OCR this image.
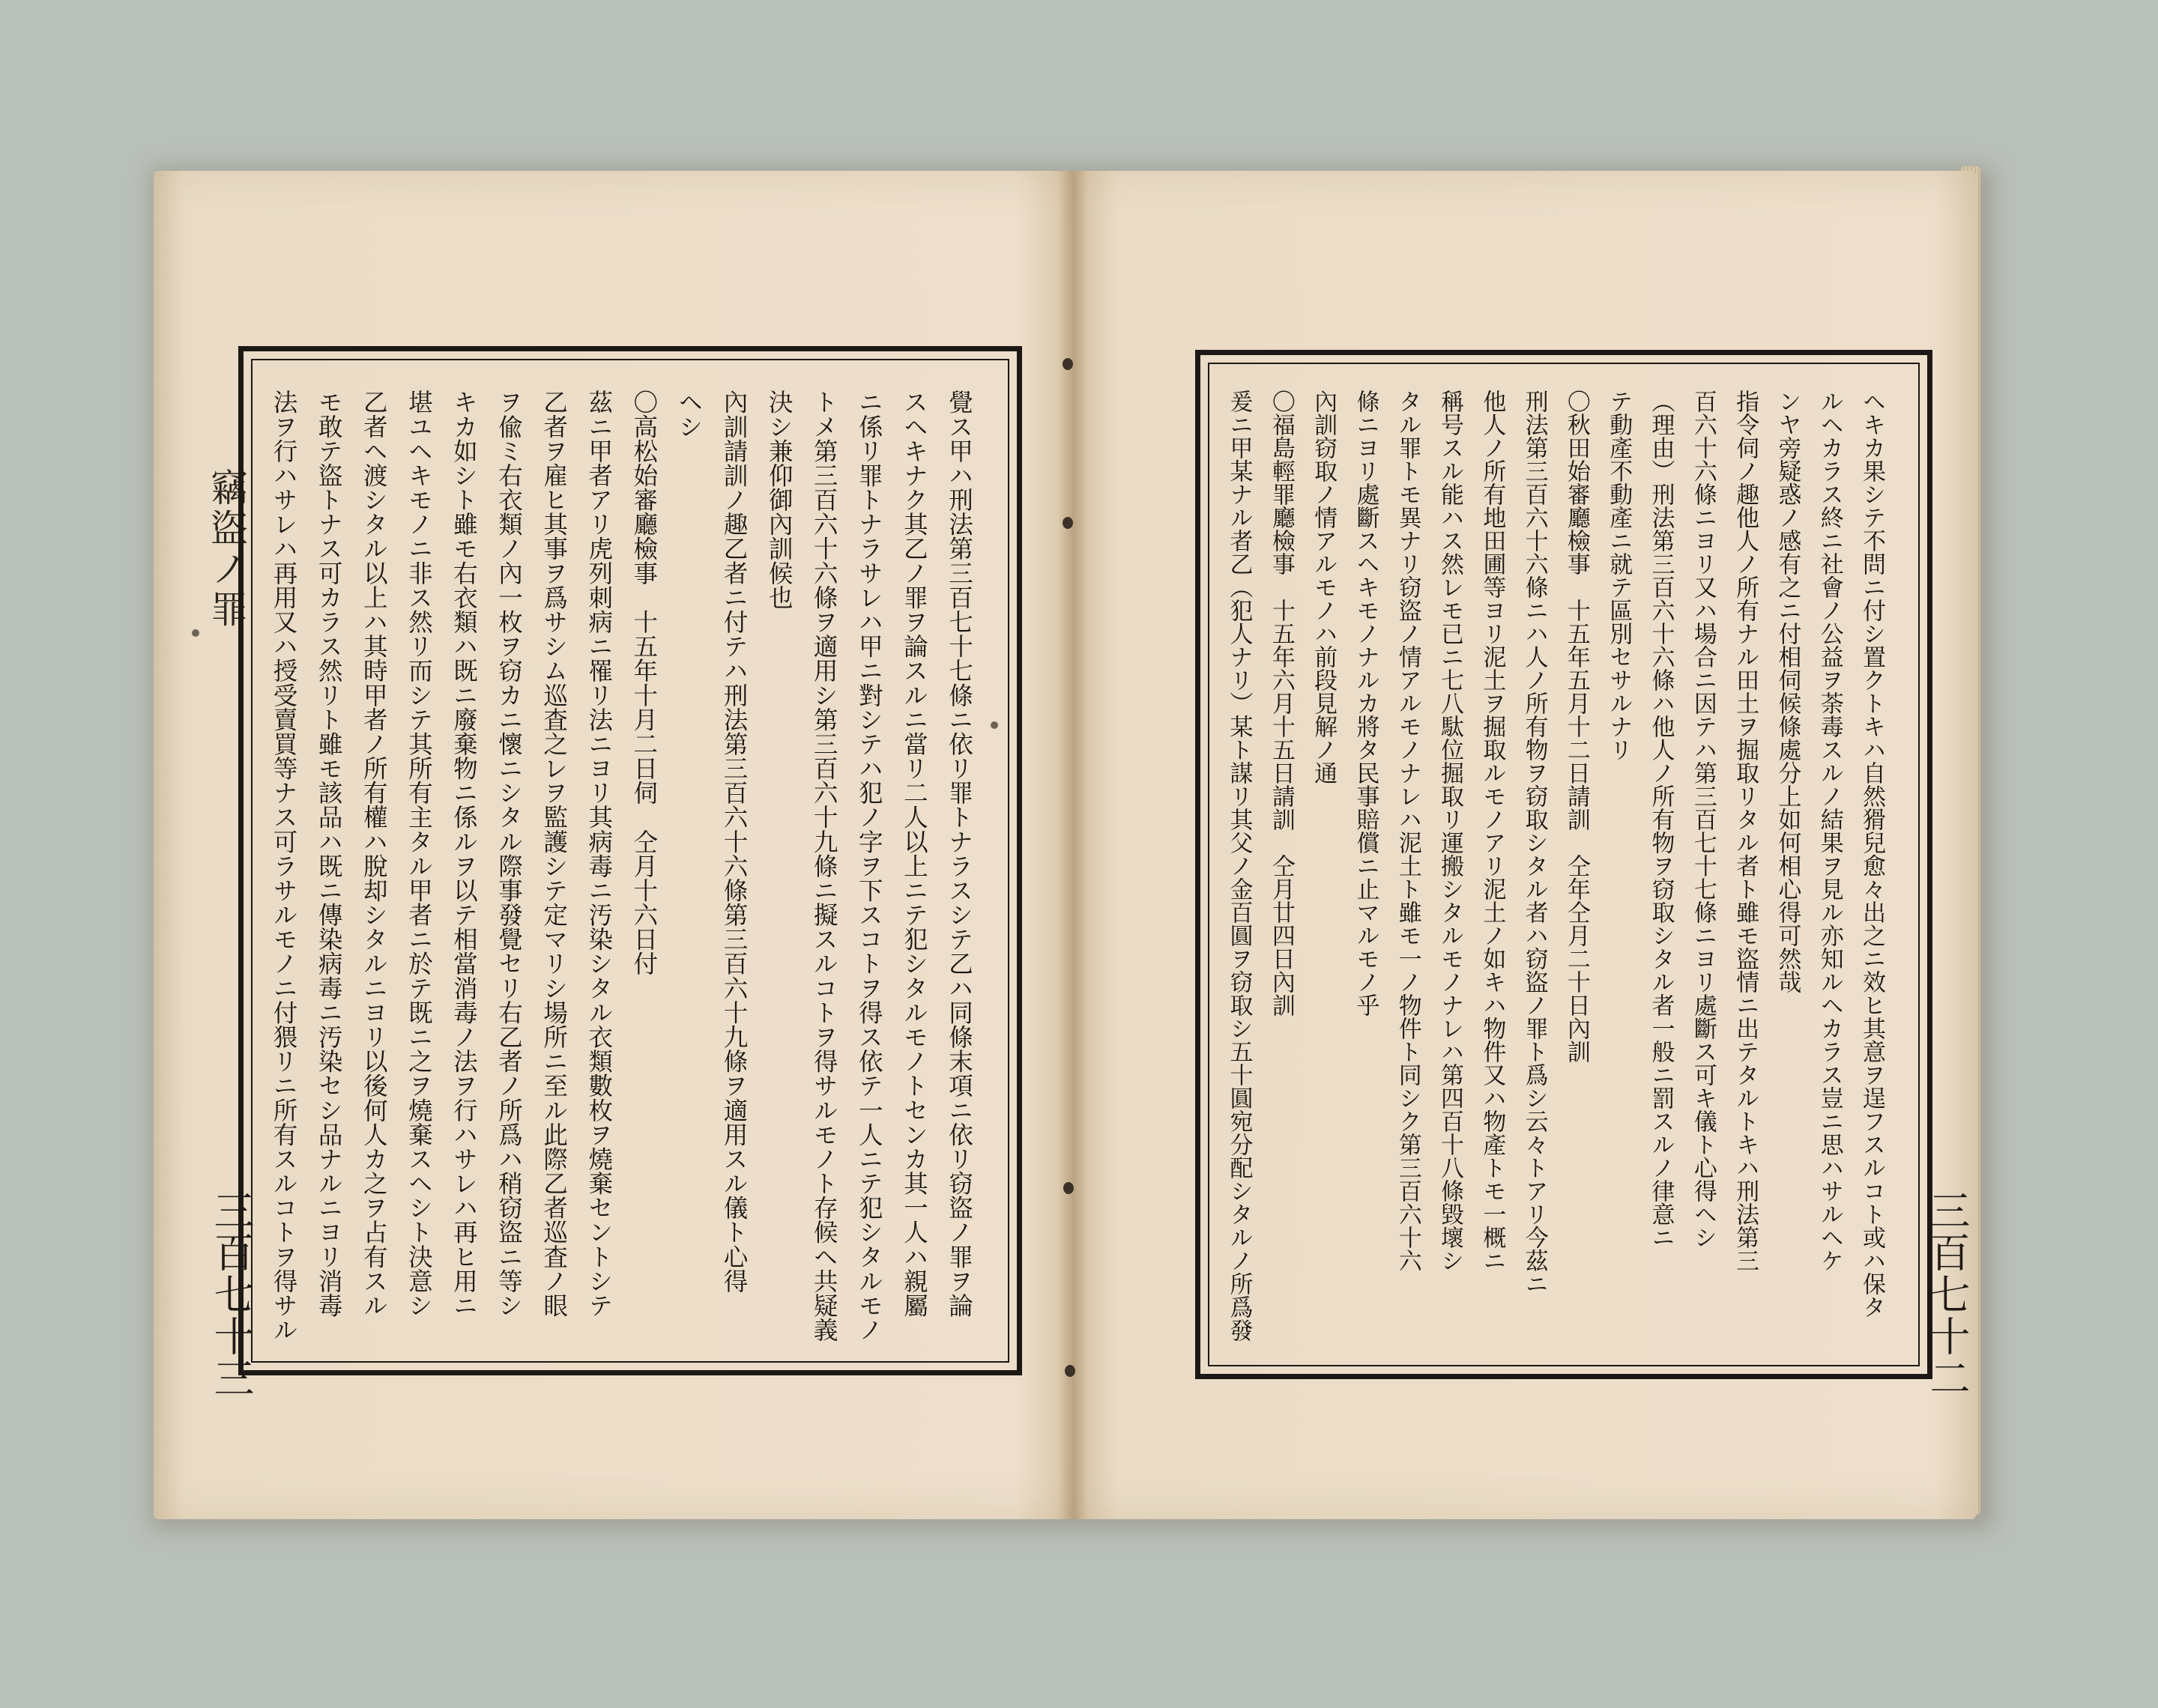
竊盜ノ罪
三百七十三	覺ス甲ハ刑法第三百七十七條ニ依リ罪トナラスシテ乙ハ同條末項ニ依リ窃盜ノ罪ヲ論
スヘキナク其乙ノ罪ヲ論スルニ當リ二人以上ニテ犯シタルモノトセンカ其一人ハ親屬
ニ係リ罪トナラサレハ甲ニ對シテハ犯ノ字ヲ下スコトヲ得ス依テ一人ニテ犯シタルモノ
トメ第三百六十六條ヲ適用シ第三百六十九條ニ擬スルコトヲ得サルモノト存候ヘ共疑義
決シ兼仰御內訓候也
內訓請訓ノ趣乙者ニ付テハ刑法第三百六十六條第三百六十九條ヲ適用スル儀ト心得
ヘシ
〇高松始審廳檢事　十五年十月二日伺　仝月十六日付
茲ニ甲者アリ虎列刺病ニ罹リ法ニヨリ其病毒ニ汚染シタル衣類數枚ヲ燒棄セントシテ
乙者ヲ雇ヒ其事ヲ爲サシム巡査之レヲ監護シテ定マリシ場所ニ至ル此際乙者巡査ノ眼
ヲ偸ミ右衣類ノ內一枚ヲ窃カニ懷ニシタル際事發覺セリ右乙者ノ所爲ハ稍窃盜ニ等シ
キカ如シト雖モ右衣類ハ既ニ廢棄物ニ係ルヲ以テ相當消毒ノ法ヲ行ハサレハ再ヒ用ニ
堪ユヘキモノニ非ス然リ而シテ其所有主タル甲者ニ於テ既ニ之ヲ燒棄スヘシト決意シ
乙者ヘ渡シタル以上ハ其時甲者ノ所有權ハ脫却シタルニヨリ以後何人カ之ヲ占有スル
モ敢テ盜トナス可カラス然リト雖モ該品ハ既ニ傳染病毒ニ汚染セシ品ナルニヨリ消毒
法ヲ行ハサレハ再用又ハ授受賣買等ナス可ラサルモノニ付猥リニ所有スルコトヲ得サル	三百七十二
ヘキカ果シテ不問ニ付シ置クトキハ自然猾兒愈々出之ニ效ヒ其意ヲ逞フスルコト或ハ保タ
ルヘカラス終ニ社會ノ公益ヲ荼毒スルノ結果ヲ見ル亦知ルヘカラス豈ニ思ハサルヘケ
ンヤ旁疑惑ノ感有之ニ付相伺候條處分上如何相心得可然哉
指令伺ノ趣他人ノ所有ナル田土ヲ掘取リタル者ト雖モ盜情ニ出テタルトキハ刑法第三
百六十六條ニヨリ又ハ場合ニ因テハ第三百七十七條ニヨリ處斷ス可キ儀ト心得ヘシ
（理由）刑法第三百六十六條ハ他人ノ所有物ヲ窃取シタル者一般ニ罰スルノ律意ニ
テ動產不動產ニ就テ區別セサルナリ
〇秋田始審廳檢事　十五年五月十二日請訓　仝年仝月二十日內訓
刑法第三百六十六條ニハ人ノ所有物ヲ窃取シタル者ハ窃盜ノ罪ト爲シ云々トアリ今茲ニ
他人ノ所有地田圃等ヨリ泥土ヲ掘取ルモノアリ泥土ノ如キハ物件又ハ物產トモ一概ニ
稱号スル能ハス然レモ已ニ七八駄位掘取リ運搬シタルモノナレハ第四百十八條毀壞シ
タル罪トモ異ナリ窃盜ノ情アルモノナレハ泥土ト雖モ一ノ物件ト同シク第三百六十六
條ニヨリ處斷スヘキモノナルカ將タ民事賠償ニ止マルモノ乎
內訓窃取ノ情アルモノハ前段見解ノ通
〇福島輕罪廳檢事　十五年六月十五日請訓　仝月廿四日內訓
爰ニ甲某ナル者乙（犯人ナリ）某ト謀リ其父ノ金百圓ヲ窃取シ五十圓宛分配シタルノ所爲發
